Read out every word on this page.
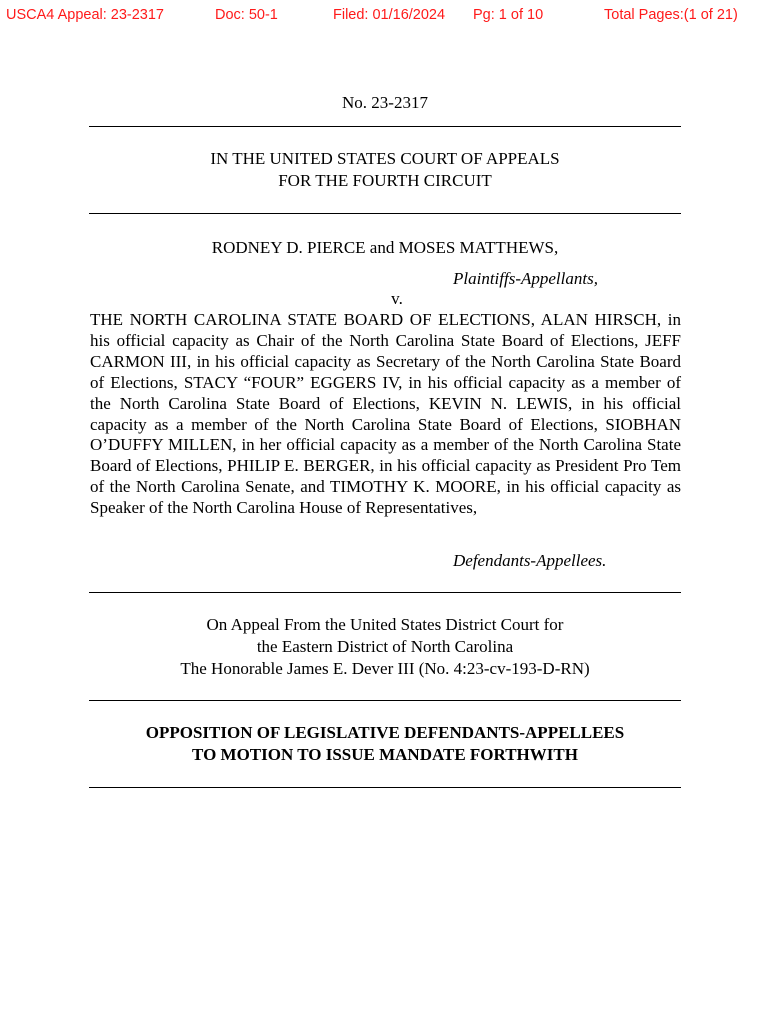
USCA4 Appeal: 23-2317	Doc: 50-1	Filed: 01/16/2024 Pg: 1 of 10	Total Pages:(1 of 21)
No. 23-2317
IN THE UNITED STATES COURT OF APPEALS
FOR THE FOURTH CIRCUIT
RODNEY D. PIERCE and MOSES MATTHEWS,
Plaintiffs-Appellants,
v.
THE NORTH CAROLINA STATE BOARD OF ELECTIONS, ALAN HIRSCH, in his official capacity as Chair of the North Carolina State Board of Elections, JEFF CARMON III, in his official capacity as Secretary of the North Carolina State Board of Elections, STACY “FOUR” EGGERS IV, in his official capacity as a member of the North Carolina State Board of Elections, KEVIN N. LEWIS, in his official capacity as a member of the North Carolina State Board of Elections, SIOBHAN O’DUFFY MILLEN, in her official capacity as a member of the North Carolina State Board of Elections, PHILIP E. BERGER, in his official capacity as President Pro Tem of the North Carolina Senate, and TIMOTHY K. MOORE, in his official capacity as Speaker of the North Carolina House of Representatives,
Defendants-Appellees.
On Appeal From the United States District Court for
the Eastern District of North Carolina
The Honorable James E. Dever III (No. 4:23-cv-193-D-RN)
OPPOSITION OF LEGISLATIVE DEFENDANTS-APPELLEES
TO MOTION TO ISSUE MANDATE FORTHWITH
